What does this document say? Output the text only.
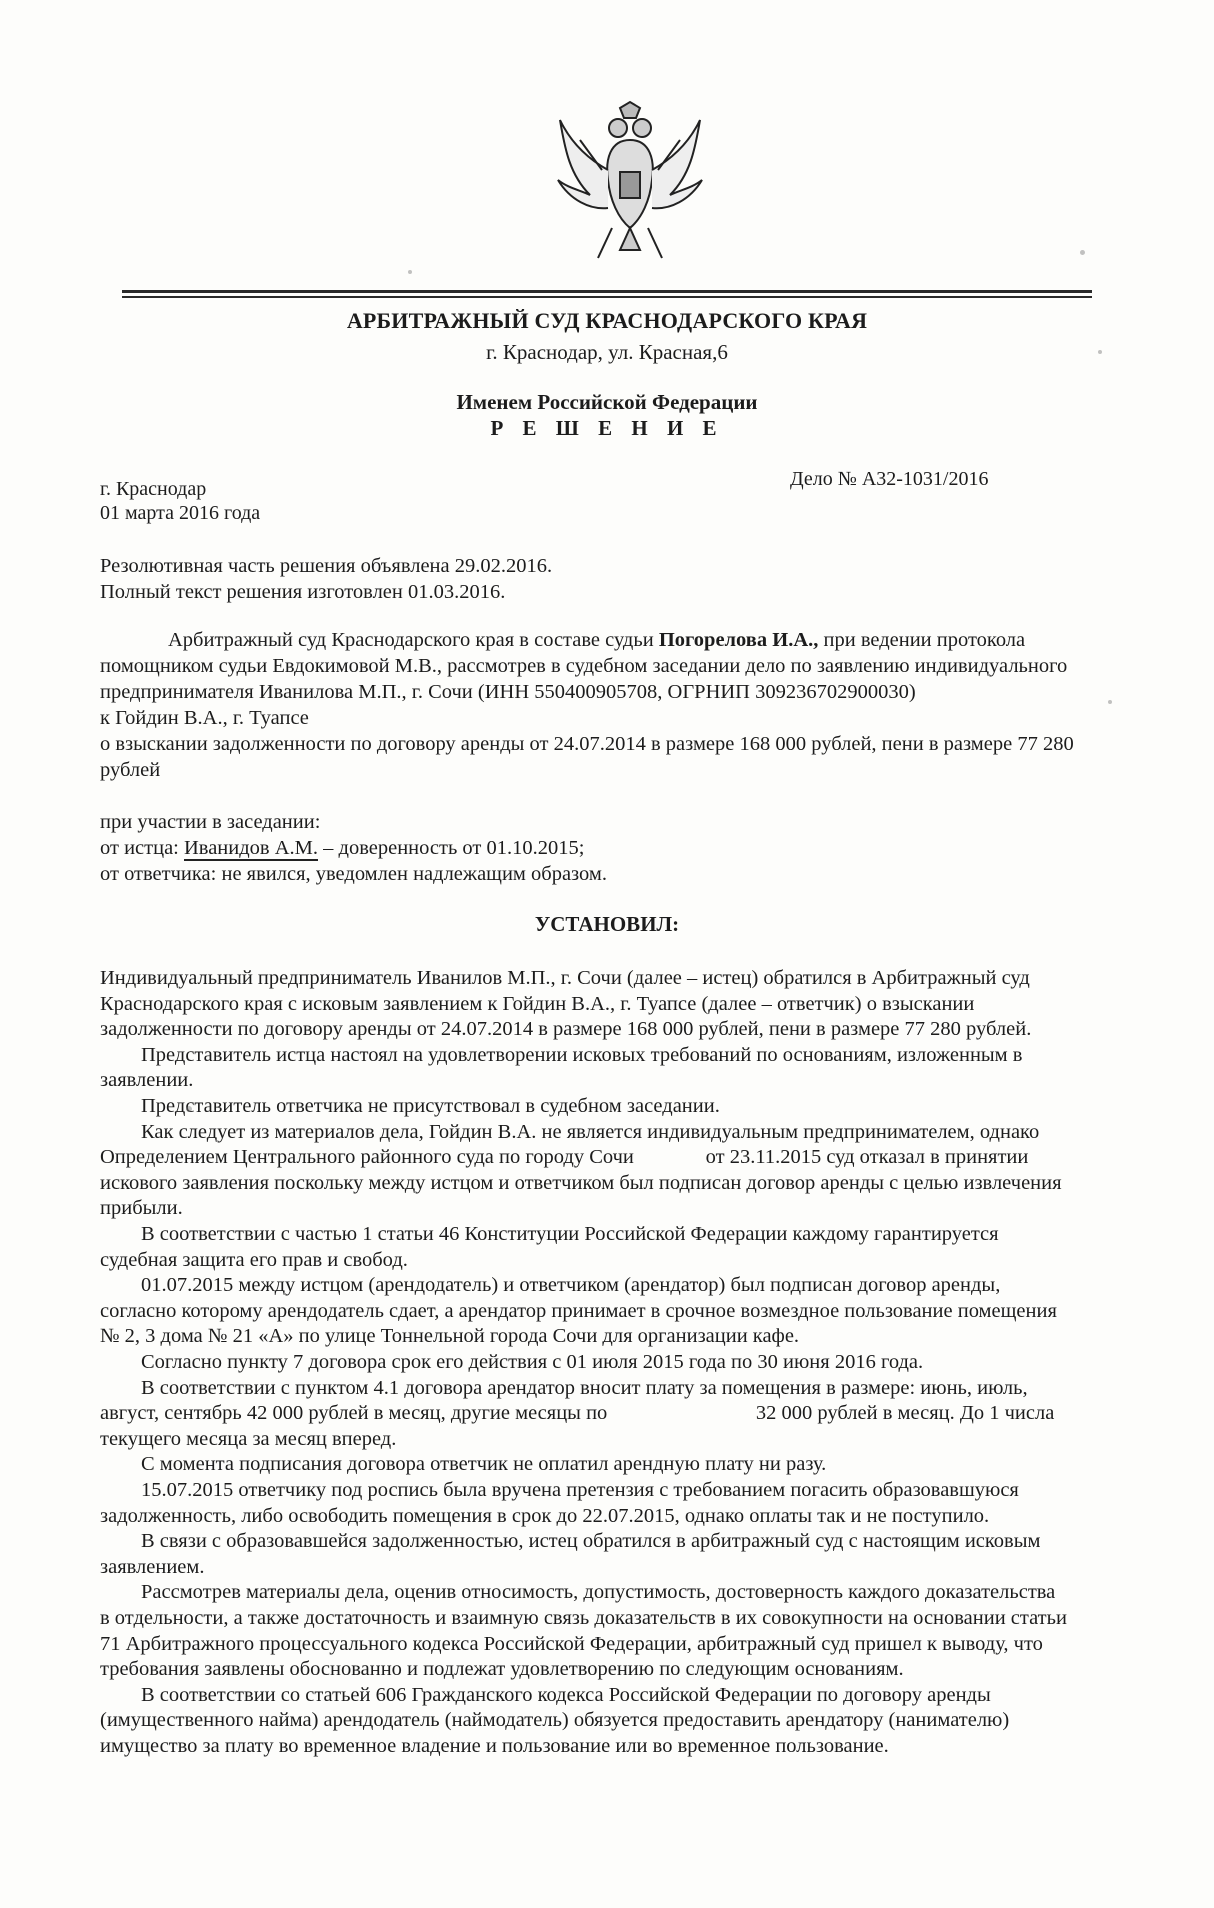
АРБИТРАЖНЫЙ СУД КРАСНОДАРСКОГО КРАЯ
г. Краснодар, ул. Красная,6
Именем Российской Федерации
Р Е Ш Е Н И Е
г. Краснодар
01 марта 2016 года
Дело № А32-1031/2016
Резолютивная часть решения объявлена 29.02.2016.
Полный текст решения изготовлен 01.03.2016.
Арбитражный суд Краснодарского края в составе судьи Погорелова И.А., при ведении протокола
помощником судьи Евдокимовой М.В., рассмотрев в судебном заседании дело по заявлению индивидуального
предпринимателя Иванилова М.П., г. Сочи (ИНН 550400905708, ОГРНИП 309236702900030)
к Гойдин В.А., г. Туапсе
о взыскании задолженности по договору аренды от 24.07.2014 в размере 168 000 рублей, пени в размере 77 280
рублей
при участии в заседании:
от истца: Иванидов А.М. – доверенность от 01.10.2015;
от ответчика: не явился, уведомлен надлежащим образом.
УСТАНОВИЛ:
Индивидуальный предприниматель Иванилов М.П., г. Сочи (далее – истец) обратился в Арбитражный суд
Краснодарского края с исковым заявлением к Гойдин В.А., г. Туапсе (далее – ответчик) о взыскании
задолженности по договору аренды от 24.07.2014 в размере 168 000 рублей, пени в размере 77 280 рублей.
Представитель истца настоял на удовлетворении исковых требований по основаниям, изложенным в
заявлении.
Представитель ответчика не присутствовал в судебном заседании.
Как следует из материалов дела, Гойдин В.А. не является индивидуальным предпринимателем, однако
Определением Центрального районного суда по городу Сочи              от 23.11.2015 суд отказал в принятии
искового заявления поскольку между истцом и ответчиком был подписан договор аренды с целью извлечения
прибыли.
В соответствии с частью 1 статьи 46 Конституции Российской Федерации каждому гарантируется
судебная защита его прав и свобод.
01.07.2015 между истцом (арендодатель) и ответчиком (арендатор) был подписан договор аренды,
согласно которому арендодатель сдает, а арендатор принимает в срочное возмездное пользование помещения
№ 2, 3 дома № 21 «А» по улице Тоннельной города Сочи для организации кафе.
Согласно пункту 7 договора срок его действия с 01 июля 2015 года по 30 июня 2016 года.
В соответствии с пунктом 4.1 договора арендатор вносит плату за помещения в размере: июнь, июль,
август, сентябрь 42 000 рублей в месяц, другие месяцы по                             32 000 рублей в месяц. До 1 числа
текущего месяца за месяц вперед.
С момента подписания договора ответчик не оплатил арендную плату ни разу.
15.07.2015 ответчику под роспись была вручена претензия с требованием погасить образовавшуюся
задолженность, либо освободить помещения в срок до 22.07.2015, однако оплаты так и не поступило.
В связи с образовавшейся задолженностью, истец обратился в арбитражный суд с настоящим исковым
заявлением.
Рассмотрев материалы дела, оценив относимость, допустимость, достоверность каждого доказательства
в отдельности, а также достаточность и взаимную связь доказательств в их совокупности на основании статьи
71 Арбитражного процессуального кодекса Российской Федерации, арбитражный суд пришел к выводу, что
требования заявлены обоснованно и подлежат удовлетворению по следующим основаниям.
В соответствии со статьей 606 Гражданского кодекса Российской Федерации по договору аренды
(имущественного найма) арендодатель (наймодатель) обязуется предоставить арендатору (нанимателю)
имущество за плату во временное владение и пользование или во временное пользование.
